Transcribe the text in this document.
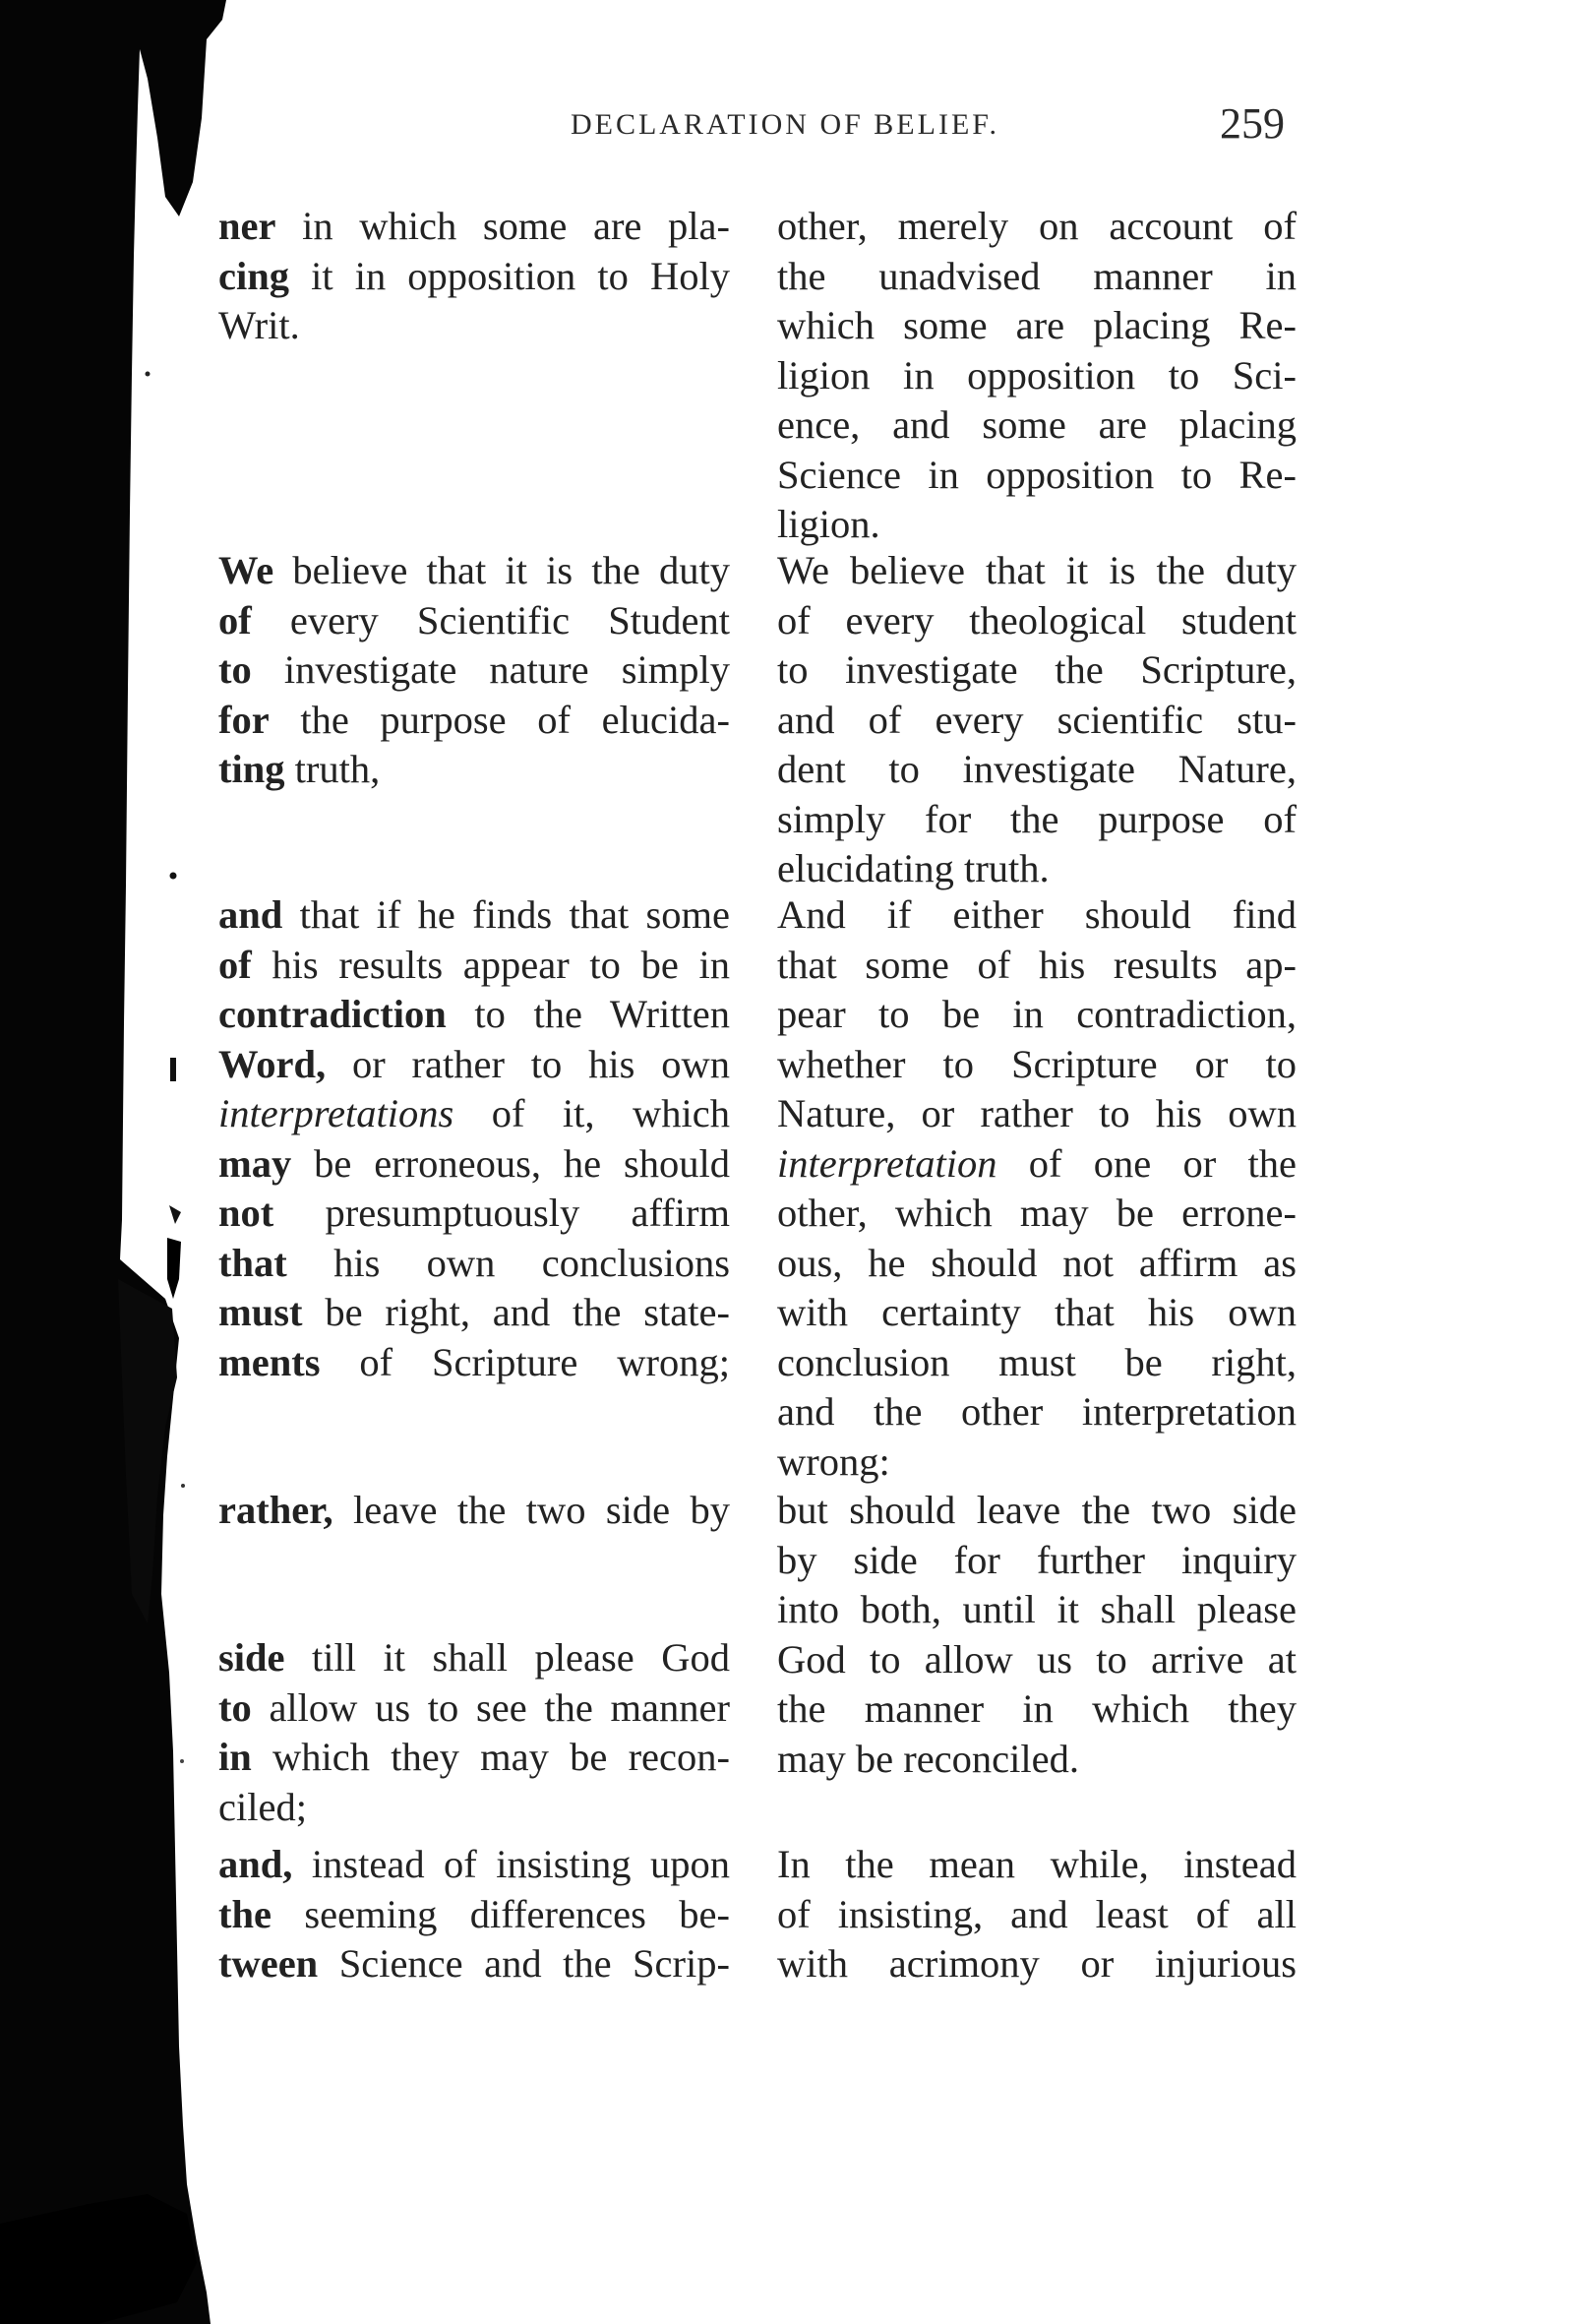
DECLARATION OF BELIEF.	259
ner in which some are pla-
cing it in opposition to Holy
Writ.
We believe that it is the duty
of every Scientific Student
to investigate nature simply
for the purpose of elucida-
ting truth,
and that if he finds that some
of his results appear to be in
contradiction to the Written
Word, or rather to his own
interpretations of it, which
may be erroneous, he should
not presumptuously affirm
that his own conclusions
must be right, and the state-
ments of Scripture wrong;
rather, leave the two side by
side till it shall please God
to allow us to see the manner
in which they may be recon-
ciled;
and, instead of insisting upon
the seeming differences be-
tween Science and the Scrip-
other, merely on account of
the unadvised manner in
which some are placing Re-
ligion in opposition to Sci-
ence, and some are placing
Science in opposition to Re-
ligion.
We believe that it is the duty
of every theological student
to investigate the Scripture,
and of every scientific stu-
dent to investigate Nature,
simply for the purpose of
elucidating truth.
And if either should find
that some of his results ap-
pear to be in contradiction,
whether to Scripture or to
Nature, or rather to his own
interpretation of one or the
other, which may be errone-
ous, he should not affirm as
with certainty that his own
conclusion must be right,
and the other interpretation
wrong:
but should leave the two side
by side for further inquiry
into both, until it shall please
God to allow us to arrive at
the manner in which they
may be reconciled.
In the mean while, instead
of insisting, and least of all
with acrimony or injurious
